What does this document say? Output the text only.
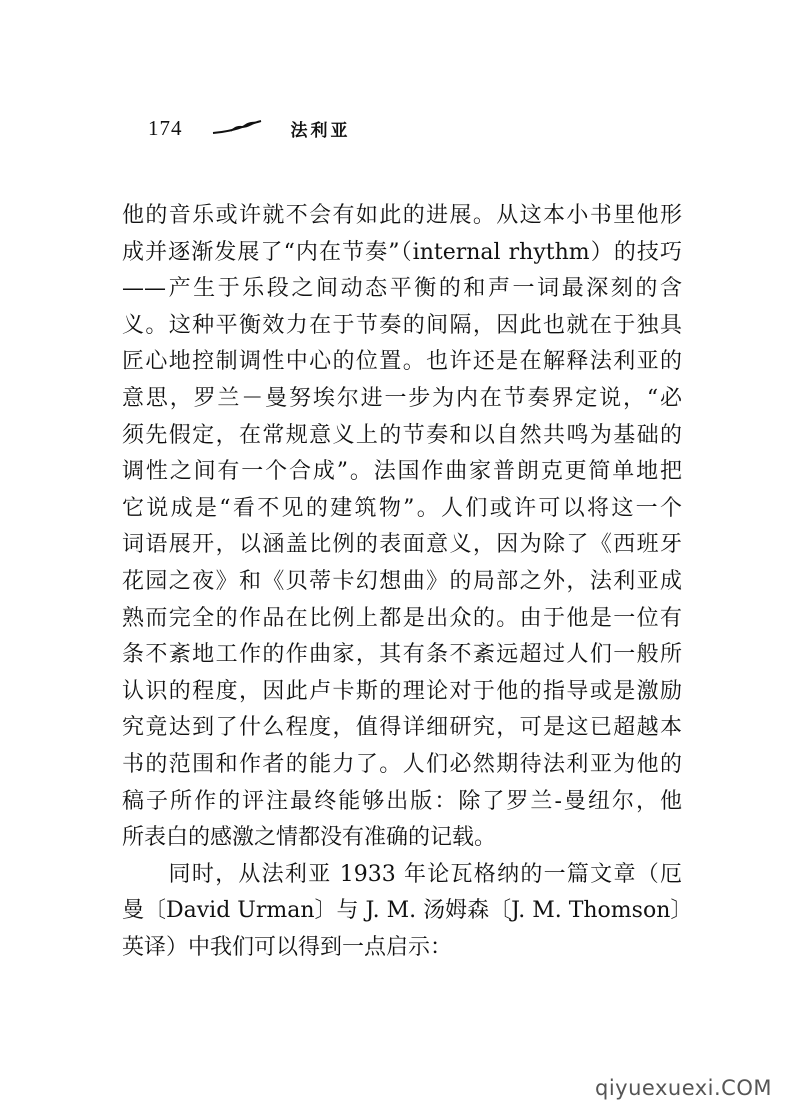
174	法利亚
他的音乐或许就不会有如此的进展。从这本小书里他形
成并逐渐发展了“内在节奏”（internal rhythm）的技巧
——产生于乐段之间动态平衡的和声一词最深刻的含
义。这种平衡效力在于节奏的间隔，因此也就在于独具
匠心地控制调性中心的位置。也许还是在解释法利亚的
意思，罗兰－曼努埃尔进一步为内在节奏界定说，“必
须先假定，在常规意义上的节奏和以自然共鸣为基础的
调性之间有一个合成”。法国作曲家普朗克更简单地把
它说成是“看不见的建筑物”。人们或许可以将这一个
词语展开，以涵盖比例的表面意义，因为除了《西班牙
花园之夜》和《贝蒂卡幻想曲》的局部之外，法利亚成
熟而完全的作品在比例上都是出众的。由于他是一位有
条不紊地工作的作曲家，其有条不紊远超过人们一般所
认识的程度，因此卢卡斯的理论对于他的指导或是激励
究竟达到了什么程度，值得详细研究，可是这已超越本
书的范围和作者的能力了。人们必然期待法利亚为他的
稿子所作的评注最终能够出版：除了罗兰-曼纽尔，他
所表白的感激之情都没有准确的记载。
　　同时，从法利亚 1933 年论瓦格纳的一篇文章（厄
曼〔David Urman〕与 J. M. 汤姆森〔J. M. Thomson〕
英译）中我们可以得到一点启示：
qiyuexuexi.COM
